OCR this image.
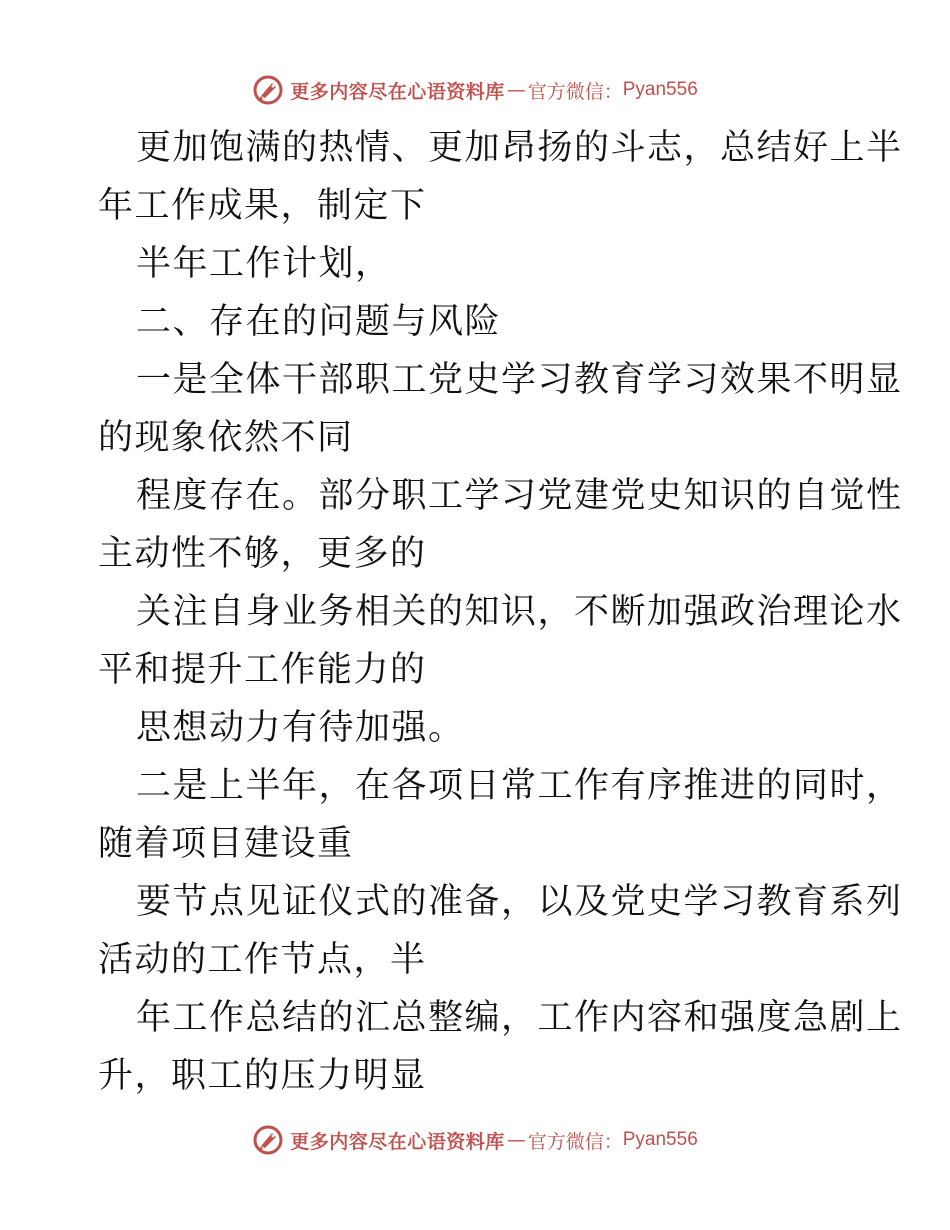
更多内容尽在心语资料库 — 官方微信： Pyan556
更加饱满的热情、更加昂扬的斗志，总结好上半
年工作成果，制定下
半年工作计划，
二、存在的问题与风险
一是全体干部职工党史学习教育学习效果不明显
的现象依然不同
程度存在。部分职工学习党建党史知识的自觉性
主动性不够，更多的
关注自身业务相关的知识，不断加强政治理论水
平和提升工作能力的
思想动力有待加强。
二是上半年，在各项日常工作有序推进的同时，
随着项目建设重
要节点见证仪式的准备，以及党史学习教育系列
活动的工作节点，半
年工作总结的汇总整编，工作内容和强度急剧上
升，职工的压力明显
更多内容尽在心语资料库 — 官方微信： Pyan556
